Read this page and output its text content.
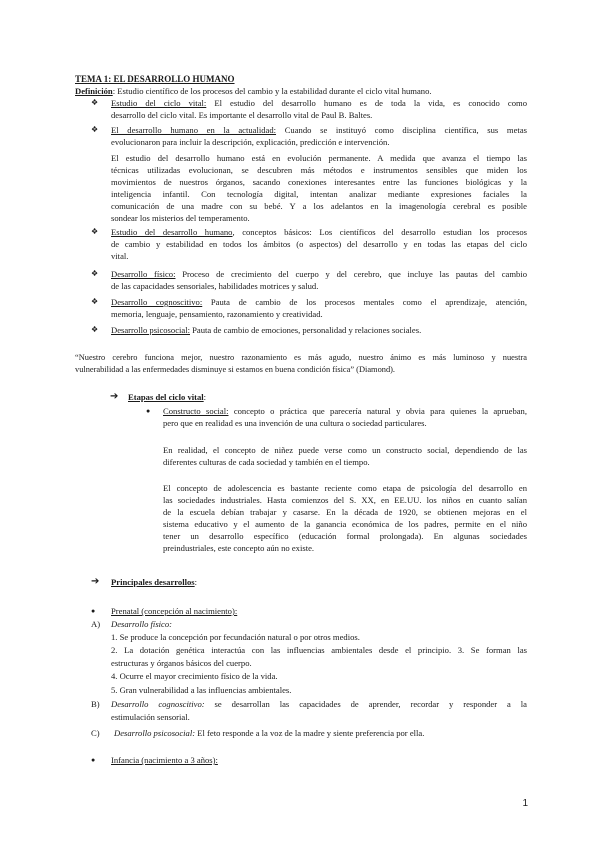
TEMA 1: EL DESARROLLO HUMANO
Definición: Estudio científico de los procesos del cambio y la estabilidad durante el ciclo vital humano.
❖ Estudio del ciclo vital: El estudio del desarrollo humano es de toda la vida, es conocido como
desarrollo del ciclo vital. Es importante el desarrollo vital de Paul B. Baltes.
❖ El desarrollo humano en la actualidad: Cuando se instituyó como disciplina científica, sus metas
evolucionaron para incluir la descripción, explicación, predicción e intervención.
El estudio del desarrollo humano está en evolución permanente. A medida que avanza el tiempo las
técnicas utilizadas evolucionan, se descubren más métodos e instrumentos sensibles que miden los
movimientos de nuestros órganos, sacando conexiones interesantes entre las funciones biológicas y la
inteligencia infantil. Con tecnología digital, intentan analizar mediante expresiones faciales la
comunicación de una madre con su bebé. Y a los adelantos en la imagenología cerebral es posible
sondear los misterios del temperamento.
❖ Estudio del desarrollo humano, conceptos básicos: Los científicos del desarrollo estudian los procesos
de cambio y estabilidad en todos los ámbitos (o aspectos) del desarrollo y en todas las etapas del ciclo
vital.
❖ Desarrollo físico: Proceso de crecimiento del cuerpo y del cerebro, que incluye las pautas del cambio
de las capacidades sensoriales, habilidades motrices y salud.
❖ Desarrollo cognoscitivo: Pauta de cambio de los procesos mentales como el aprendizaje, atención,
memoria, lenguaje, pensamiento, razonamiento y creatividad.
❖ Desarrollo psicosocial: Pauta de cambio de emociones, personalidad y relaciones sociales.
“Nuestro cerebro funciona mejor, nuestro razonamiento es más agudo, nuestro ánimo es más luminoso y nuestra
vulnerabilidad a las enfermedades disminuye si estamos en buena condición física” (Diamond).
➔ Etapas del ciclo vital:
● Constructo social: concepto o práctica que parecería natural y obvia para quienes la aprueban,
pero que en realidad es una invención de una cultura o sociedad particulares.
En realidad, el concepto de niñez puede verse como un constructo social, dependiendo de las
diferentes culturas de cada sociedad y también en el tiempo.
El concepto de adolescencia es bastante reciente como etapa de psicología del desarrollo en
las sociedades industriales. Hasta comienzos del S. XX, en EE.UU. los niños en cuanto salían
de la escuela debían trabajar y casarse. En la década de 1920, se obtienen mejoras en el
sistema educativo y el aumento de la ganancia económica de los padres, permite en el niño
tener un desarrollo específico (educación formal prolongada). En algunas sociedades
preindustriales, este concepto aún no existe.
➔ Principales desarrollos:
● Prenatal (concepción al nacimiento):
A) Desarrollo físico:
1. Se produce la concepción por fecundación natural o por otros medios.
2. La dotación genética interactúa con las influencias ambientales desde el principio. 3. Se forman las
estructuras y órganos básicos del cuerpo.
4. Ocurre el mayor crecimiento físico de la vida.
5. Gran vulnerabilidad a las influencias ambientales.
B) Desarrollo cognoscitivo: se desarrollan las capacidades de aprender, recordar y responder a la
estimulación sensorial.
C) Desarrollo psicosocial: El feto responde a la voz de la madre y siente preferencia por ella.
● Infancia (nacimiento a 3 años):
1
